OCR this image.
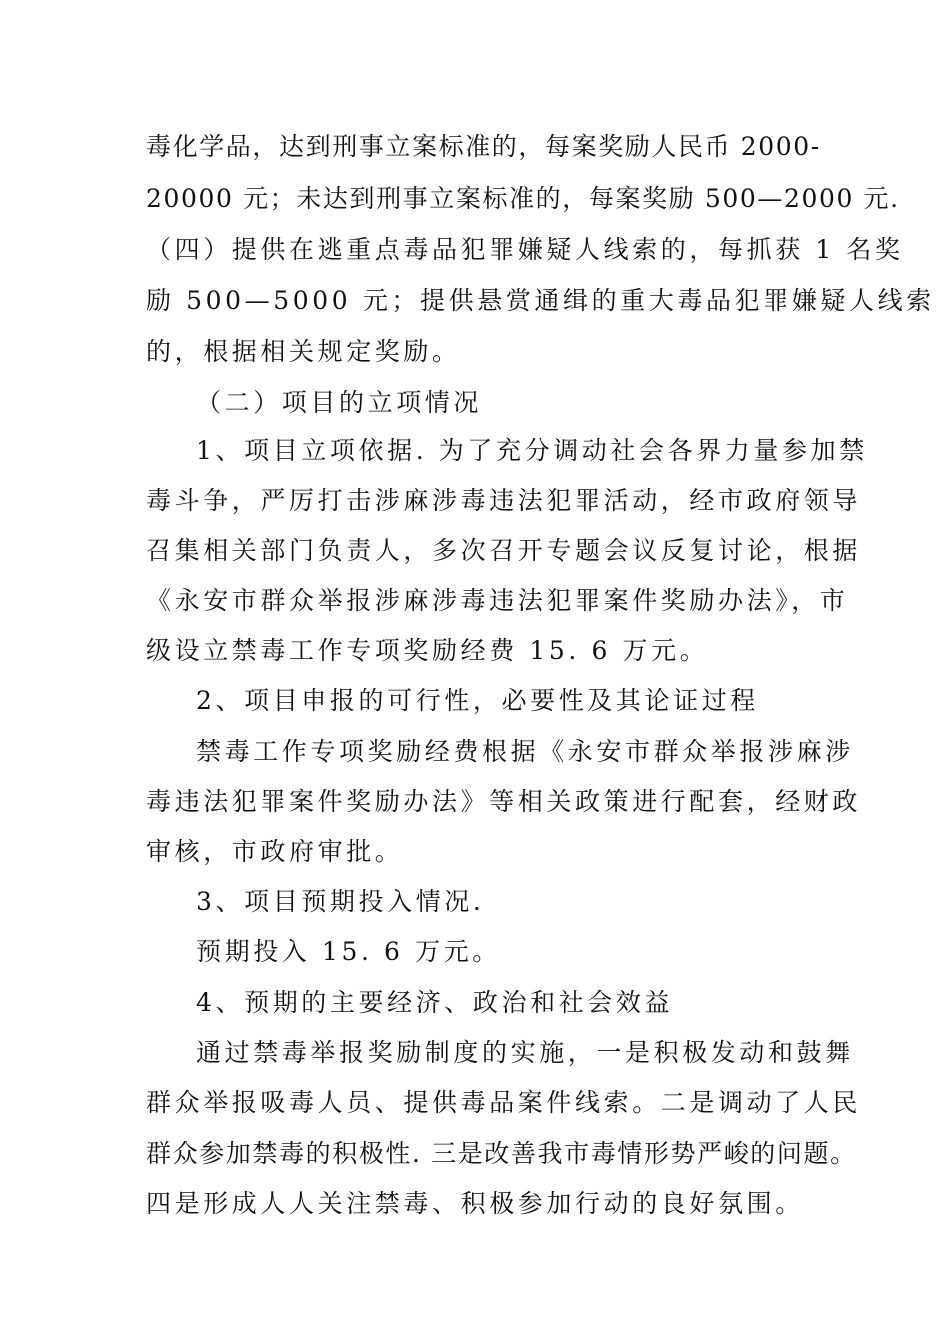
毒化学品，达到刑事立案标准的，每案奖励人民币 2000-
20000 元；未达到刑事立案标准的，每案奖励 500—2000 元.
（四）提供在逃重点毒品犯罪嫌疑人线索的，每抓获 1 名奖
励 500—5000 元；提供悬赏通缉的重大毒品犯罪嫌疑人线索
的，根据相关规定奖励。
（二）项目的立项情况
1、项目立项依据. 为了充分调动社会各界力量参加禁
毒斗争，严厉打击涉麻涉毒违法犯罪活动，经市政府领导
召集相关部门负责人，多次召开专题会议反复讨论，根据
《永安市群众举报涉麻涉毒违法犯罪案件奖励办法》，市
级设立禁毒工作专项奖励经费 15. 6 万元。
2、项目申报的可行性，必要性及其论证过程
禁毒工作专项奖励经费根据《永安市群众举报涉麻涉
毒违法犯罪案件奖励办法》等相关政策进行配套，经财政
审核，市政府审批。
3、项目预期投入情况.
预期投入 15. 6 万元。
4、预期的主要经济、政治和社会效益
通过禁毒举报奖励制度的实施，一是积极发动和鼓舞
群众举报吸毒人员、提供毒品案件线索。二是调动了人民
群众参加禁毒的积极性. 三是改善我市毒情形势严峻的问题。
四是形成人人关注禁毒、积极参加行动的良好氛围。
